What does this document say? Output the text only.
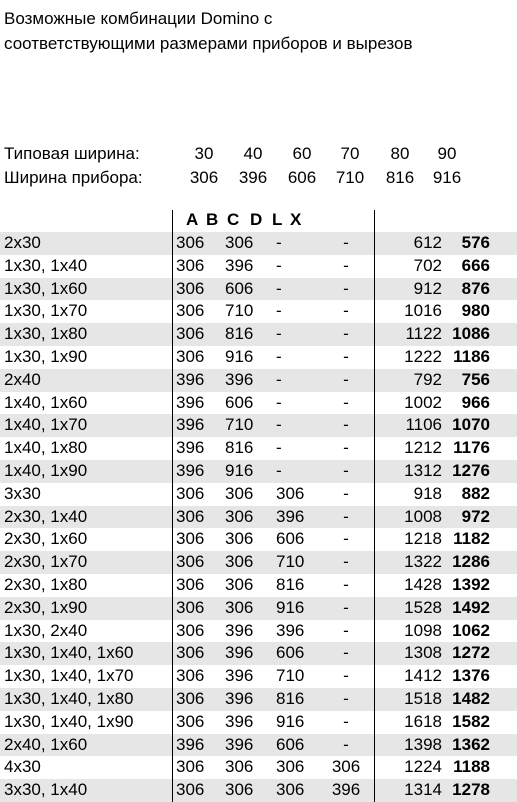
Возможные комбинации Domino с
соответствующими размерами приборов и вырезов
Типовая ширина:	30	40	60	70	80	90
Ширина прибора:	306	396	606	710	816	916
A B C D L X
2x30	306 306 -	-	612	576
1x30, 1x40	306 396 -	-	702	666
1x30, 1x60	306 606 -	-	912	876
1x30, 1x70	306 710 -	-	1016	980
1x30, 1x80	306 816 -	-	1122 1086
1x30, 1x90	306 916 -	-	1222 1186
2x40	396 396 -	-	792	756
1x40, 1x60	396 606 -	-	1002	966
1x40, 1x70	396 710 -	-	1106 1070
1x40, 1x80	396 816 -	-	1212 1176
1x40, 1x90	396 916 -	-	1312 1276
3x30	306 306 306	-	918	882
2x30, 1x40	306 306 396	-	1008	972
2x30, 1x60	306 306 606	-	1218 1182
2x30, 1x70	306 306 710	-	1322 1286
2x30, 1x80	306 306 816	-	1428 1392
2x30, 1x90	306 306 916	-	1528 1492
1x30, 2x40	306 396 396	-	1098 1062
1x30, 1x40, 1x60	306 396 606	-	1308 1272
1x30, 1x40, 1x70	306 396 710	-	1412 1376
1x30, 1x40, 1x80	306 396 816	-	1518 1482
1x30, 1x40, 1x90	306 396 916	-	1618 1582
2x40, 1x60	396 396 606	-	1398 1362
4x30	306 306 306	306	1224 1188
3x30, 1x40	306 306 306	396	1314 1278
